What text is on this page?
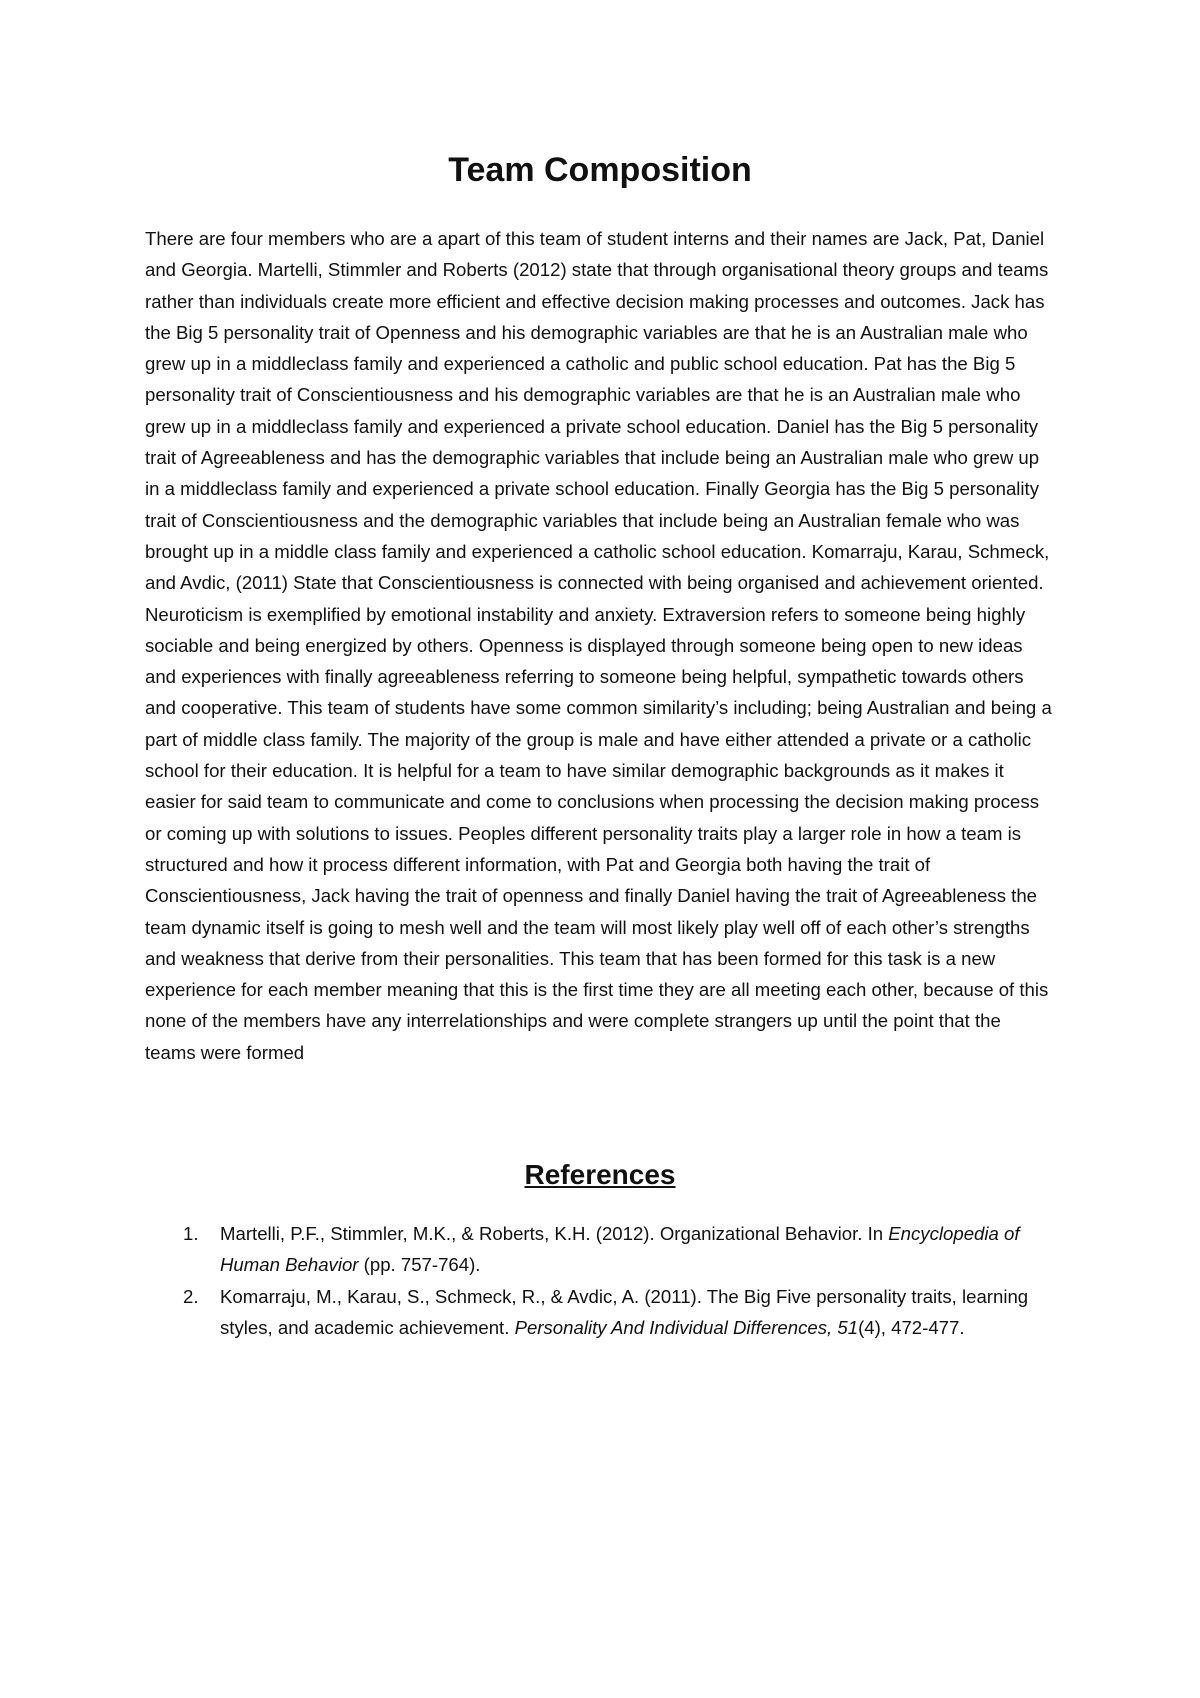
Team Composition

There are four members who are a apart of this team of student interns and their names are Jack, Pat, Daniel and Georgia. Martelli, Stimmler and Roberts (2012) state that through organisational theory groups and teams rather than individuals create more efficient and effective decision making processes and outcomes. Jack has the Big 5 personality trait of Openness and his demographic variables are that he is an Australian male who grew up in a middleclass family and experienced a catholic and public school education. Pat has the Big 5 personality trait of Conscientiousness and his demographic variables are that he is an Australian male who grew up in a middleclass family and experienced a private school education. Daniel has the Big 5 personality trait of Agreeableness and has the demographic variables that include being an Australian male who grew up in a middleclass family and experienced a private school education. Finally Georgia has the Big 5 personality trait of Conscientiousness and the demographic variables that include being an Australian female who was brought up in a middle class family and experienced a catholic school education. Komarraju, Karau, Schmeck, and Avdic, (2011) State that Conscientiousness is connected with being organised and achievement oriented. Neuroticism is exemplified by emotional instability and anxiety. Extraversion refers to someone being highly sociable and being energized by others. Openness is displayed through someone being open to new ideas and experiences with finally agreeableness referring to someone being helpful, sympathetic towards others and cooperative. This team of students have some common similarity’s including; being Australian and being a part of middle class family. The majority of the group is male and have either attended a private or a catholic school for their education. It is helpful for a team to have similar demographic backgrounds as it makes it easier for said team to communicate and come to conclusions when processing the decision making process or coming up with solutions to issues. Peoples different personality traits play a larger role in how a team is structured and how it process different information, with Pat and Georgia both having the trait of Conscientiousness, Jack having the trait of openness and finally Daniel having the trait of Agreeableness the team dynamic itself is going to mesh well and the team will most likely play well off of each other’s strengths and weakness that derive from their personalities. This team that has been formed for this task is a new experience for each member meaning that this is the first time they are all meeting each other, because of this none of the members have any interrelationships and were complete strangers up until the point that the teams were formed

References
1. Martelli, P.F., Stimmler, M.K., & Roberts, K.H. (2012). Organizational Behavior. In Encyclopedia of Human Behavior (pp. 757-764).
2. Komarraju, M., Karau, S., Schmeck, R., & Avdic, A. (2011). The Big Five personality traits, learning styles, and academic achievement. Personality And Individual Differences, 51(4), 472-477.
